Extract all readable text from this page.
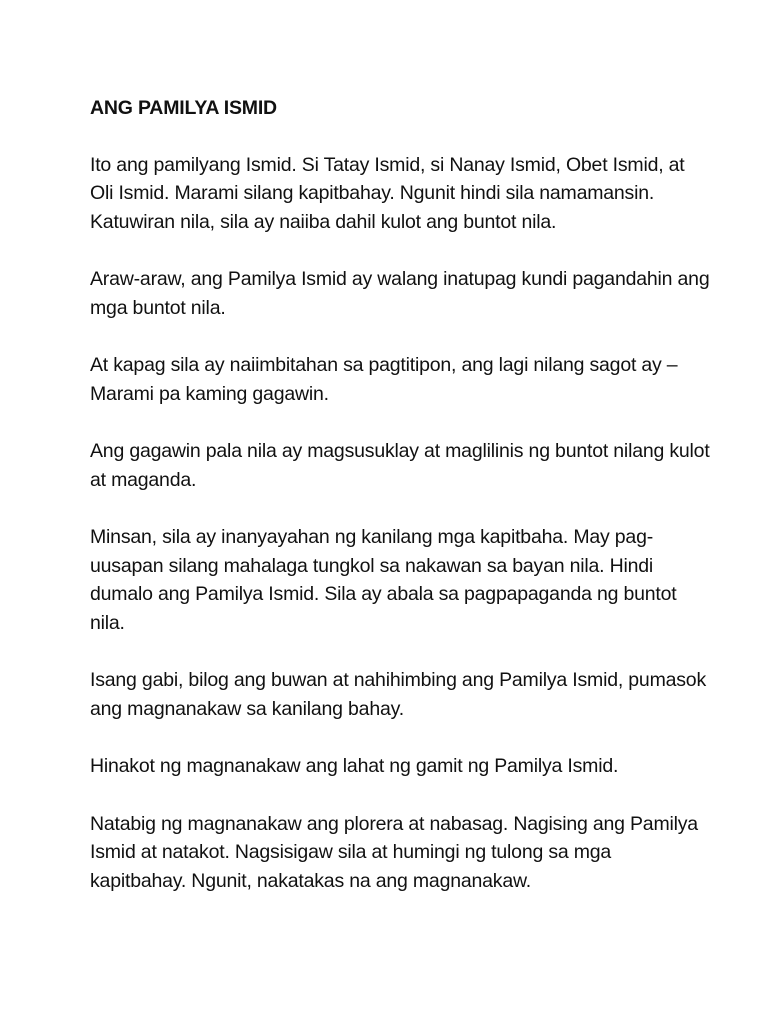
ANG PAMILYA ISMID

Ito ang pamilyang Ismid. Si Tatay Ismid, si Nanay Ismid, Obet Ismid, at Oli Ismid. Marami silang kapitbahay. Ngunit hindi sila namamansin. Katuwiran nila, sila ay naiiba dahil kulot ang buntot nila.

Araw-araw, ang Pamilya Ismid ay walang inatupag kundi pagandahin ang mga buntot nila.

At kapag sila ay naiimbitahan sa pagtitipon, ang lagi nilang sagot ay – Marami pa kaming gagawin.

Ang gagawin pala nila ay magsusuklay at maglilinis ng buntot nilang kulot at maganda.

Minsan, sila ay inanyayahan ng kanilang mga kapitbaha. May pag-uusapan silang mahalaga tungkol sa nakawan sa bayan nila. Hindi dumalo ang Pamilya Ismid. Sila ay abala sa pagpapaganda ng buntot nila.

Isang gabi, bilog ang buwan at nahihimbing ang Pamilya Ismid, pumasok ang magnanakaw sa kanilang bahay.

Hinakot ng magnanakaw ang lahat ng gamit ng Pamilya Ismid.

Natabig ng magnanakaw ang plorera at nabasag. Nagising ang Pamilya Ismid at natakot. Nagsisigaw sila at humingi ng tulong sa mga kapitbahay. Ngunit, nakatakas na ang magnanakaw.
